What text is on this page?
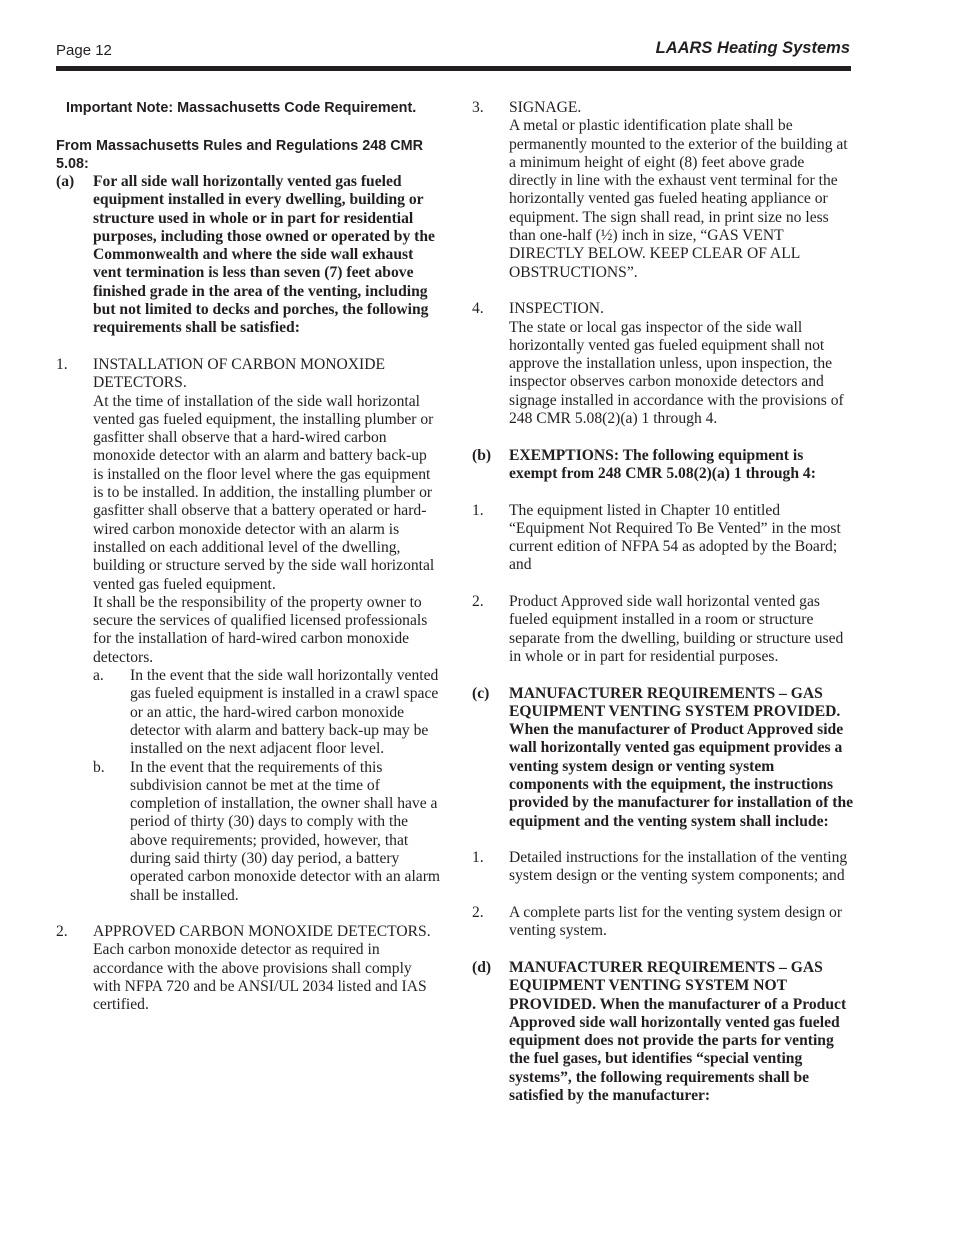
Page 12	LAARS Heating Systems

Important Note: Massachusetts Code Requirement.

From Massachusetts Rules and Regulations 248 CMR 5.08:

(a)	For all side wall horizontally vented gas fueled equipment installed in every dwelling, building or structure used in whole or in part for residential purposes, including those owned or operated by the Commonwealth and where the side wall exhaust vent termination is less than seven (7) feet above finished grade in the area of the venting, including but not limited to decks and porches, the following requirements shall be satisfied:
1.	INSTALLATION OF CARBON MONOXIDE DETECTORS.

At the time of installation of the side wall horizontal vented gas fueled equipment, the installing plumber or gasfitter shall observe that a hard-wired carbon monoxide detector with an alarm and battery back-up is installed on the floor level where the gas equipment is to be installed. In addition, the installing plumber or gasfitter shall observe that a battery operated or hard-wired carbon monoxide detector with an alarm is installed on each additional level of the dwelling, building or structure served by the side wall horizontal vented gas fueled equipment.

It shall be the responsibility of the property owner to secure the services of qualified licensed professionals for the installation of hard-wired carbon monoxide detectors.

a.	In the event that the side wall horizontally vented gas fueled equipment is installed in a crawl space or an attic, the hard-wired carbon monoxide detector with alarm and battery back-up may be installed on the next adjacent floor level.
b.	In the event that the requirements of this subdivision cannot be met at the time of completion of installation, the owner shall have a period of thirty (30) days to comply with the above requirements; provided, however, that during said thirty (30) day period, a battery operated carbon monoxide detector with an alarm shall be installed.
2.	APPROVED CARBON MONOXIDE DETECTORS.

Each carbon monoxide detector as required in accordance with the above provisions shall comply with NFPA 720 and be ANSI/UL 2034 listed and IAS certified.

3.	SIGNAGE.

A metal or plastic identification plate shall be permanently mounted to the exterior of the building at a minimum height of eight (8) feet above grade directly in line with the exhaust vent terminal for the horizontally vented gas fueled heating appliance or equipment. The sign shall read, in print size no less than one-half (½) inch in size, “GAS VENT DIRECTLY BELOW. KEEP CLEAR OF ALL OBSTRUCTIONS”.

4.	INSPECTION.

The state or local gas inspector of the side wall horizontally vented gas fueled equipment shall not approve the installation unless, upon inspection, the inspector observes carbon monoxide detectors and signage installed in accordance with the provisions of 248 CMR 5.08(2)(a) 1 through 4.

(b)	EXEMPTIONS: The following equipment is exempt from 248 CMR 5.08(2)(a) 1 through 4:
1.	The equipment listed in Chapter 10 entitled “Equipment Not Required To Be Vented” in the most current edition of NFPA 54 as adopted by the Board; and
2.	Product Approved side wall horizontal vented gas fueled equipment installed in a room or structure separate from the dwelling, building or structure used in whole or in part for residential purposes.
(c)	MANUFACTURER REQUIREMENTS – GAS EQUIPMENT VENTING SYSTEM PROVIDED. When the manufacturer of Product Approved side wall horizontally vented gas equipment provides a venting system design or venting system components with the equipment, the instructions provided by the manufacturer for installation of the equipment and the venting system shall include:
1.	Detailed instructions for the installation of the venting system design or the venting system components; and
2.	A complete parts list for the venting system design or venting system.
(d)	MANUFACTURER REQUIREMENTS – GAS EQUIPMENT VENTING SYSTEM NOT PROVIDED. When the manufacturer of a Product Approved side wall horizontally vented gas fueled equipment does not provide the parts for venting the fuel gases, but identifies “special venting systems”, the following requirements shall be satisfied by the manufacturer:
